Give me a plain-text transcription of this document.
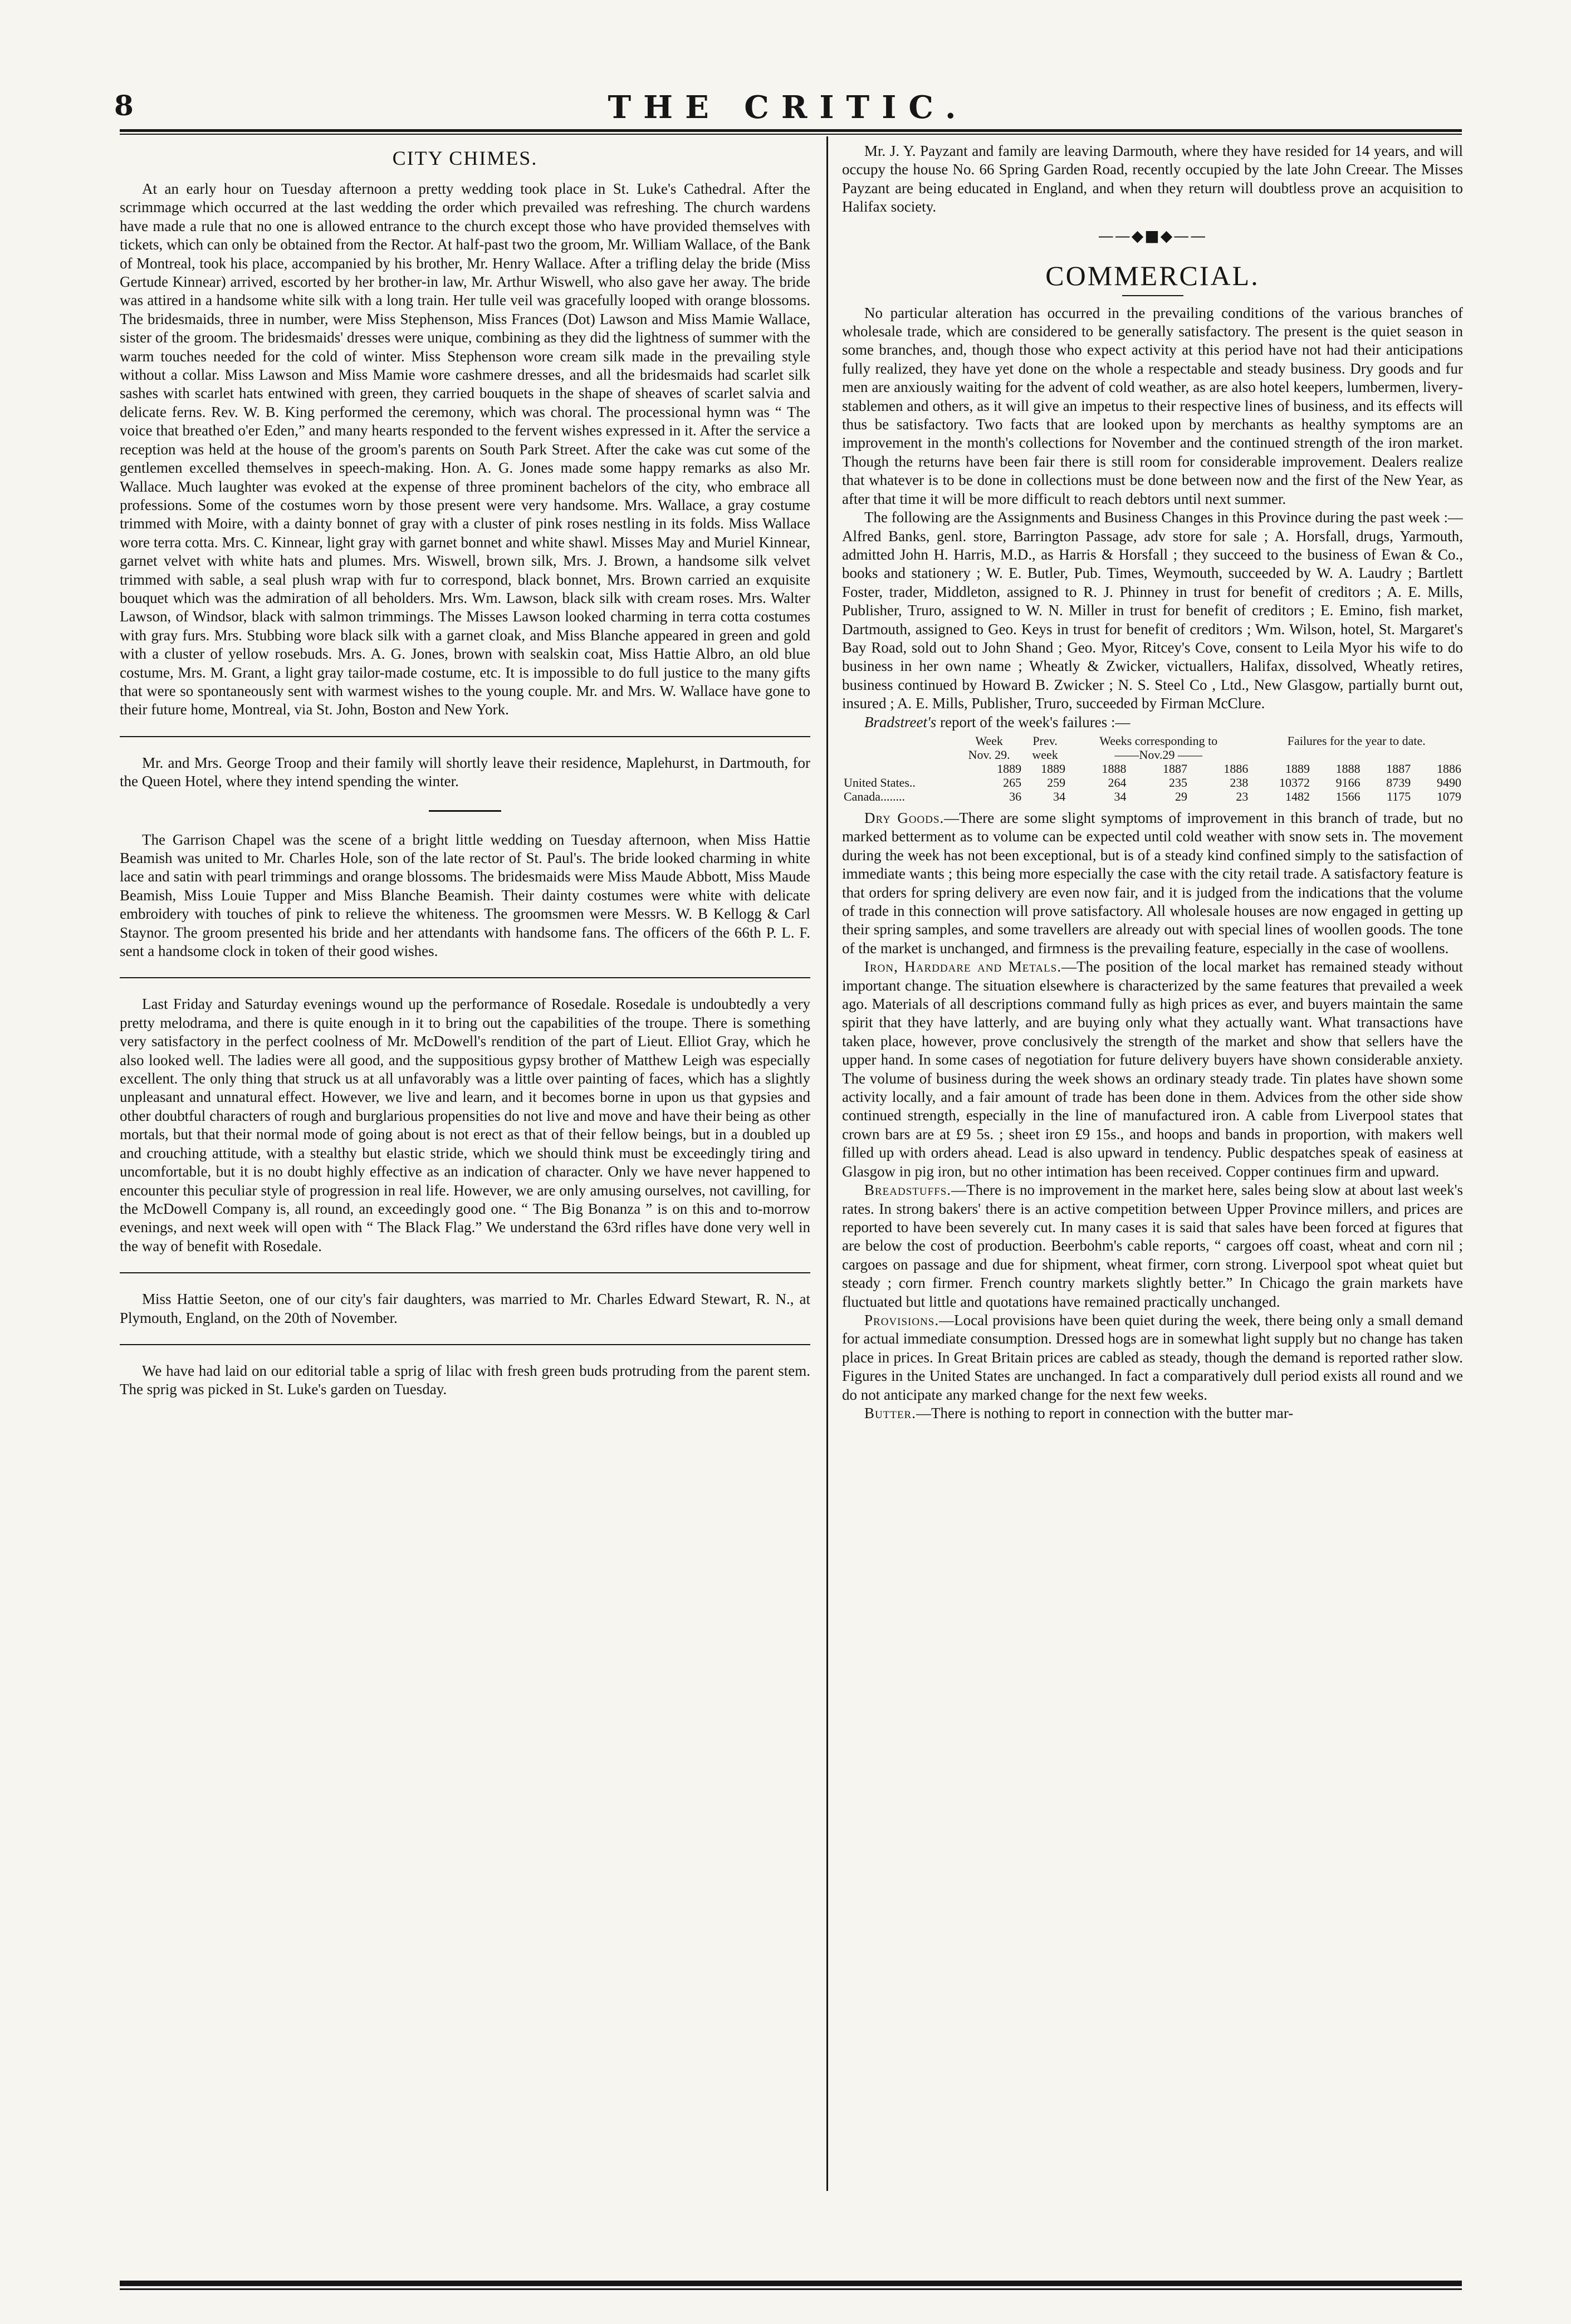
8	THE CRITIC.
CITY CHIMES.

At an early hour on Tuesday afternoon a pretty wedding took place in St. Luke's Cathedral. After the scrimmage which occurred at the last wedding the order which prevailed was refreshing. The church wardens have made a rule that no one is allowed entrance to the church except those who have provided themselves with tickets, which can only be obtained from the Rector. At half-past two the groom, Mr. William Wallace, of the Bank of Montreal, took his place, accompanied by his brother, Mr. Henry Wallace. After a trifling delay the bride (Miss Gertude Kinnear) arrived, escorted by her brother-in law, Mr. Arthur Wiswell, who also gave her away. The bride was attired in a handsome white silk with a long train. Her tulle veil was gracefully looped with orange blossoms. The bridesmaids, three in number, were Miss Stephenson, Miss Frances (Dot) Lawson and Miss Mamie Wallace, sister of the groom. The bridesmaids' dresses were unique, combining as they did the lightness of summer with the warm touches needed for the cold of winter. Miss Stephenson wore cream silk made in the prevailing style without a collar. Miss Lawson and Miss Mamie wore cashmere dresses, and all the bridesmaids had scarlet silk sashes with scarlet hats entwined with green, they carried bouquets in the shape of sheaves of scarlet salvia and delicate ferns. Rev. W. B. King performed the ceremony, which was choral. The processional hymn was “ The voice that breathed o'er Eden,” and many hearts responded to the fervent wishes expressed in it. After the service a reception was held at the house of the groom's parents on South Park Street. After the cake was cut some of the gentlemen excelled themselves in speech-making. Hon. A. G. Jones made some happy remarks as also Mr. Wallace. Much laughter was evoked at the expense of three prominent bachelors of the city, who embrace all professions. Some of the costumes worn by those present were very handsome. Mrs. Wallace, a gray costume trimmed with Moire, with a dainty bonnet of gray with a cluster of pink roses nestling in its folds. Miss Wallace wore terra cotta. Mrs. C. Kinnear, light gray with garnet bonnet and white shawl. Misses May and Muriel Kinnear, garnet velvet with white hats and plumes. Mrs. Wiswell, brown silk, Mrs. J. Brown, a handsome silk velvet trimmed with sable, a seal plush wrap with fur to correspond, black bonnet, Mrs. Brown carried an exquisite bouquet which was the admiration of all beholders. Mrs. Wm. Lawson, black silk with cream roses. Mrs. Walter Lawson, of Windsor, black with salmon trimmings. The Misses Lawson looked charming in terra cotta costumes with gray furs. Mrs. Stubbing wore black silk with a garnet cloak, and Miss Blanche appeared in green and gold with a cluster of yellow rosebuds. Mrs. A. G. Jones, brown with sealskin coat, Miss Hattie Albro, an old blue costume, Mrs. M. Grant, a light gray tailor-made costume, etc. It is impossible to do full justice to the many gifts that were so spontaneously sent with warmest wishes to the young couple. Mr. and Mrs. W. Wallace have gone to their future home, Montreal, via St. John, Boston and New York.

Mr. and Mrs. George Troop and their family will shortly leave their residence, Maplehurst, in Dartmouth, for the Queen Hotel, where they intend spending the winter.

The Garrison Chapel was the scene of a bright little wedding on Tuesday afternoon, when Miss Hattie Beamish was united to Mr. Charles Hole, son of the late rector of St. Paul's. The bride looked charming in white lace and satin with pearl trimmings and orange blossoms. The bridesmaids were Miss Maude Abbott, Miss Maude Beamish, Miss Louie Tupper and Miss Blanche Beamish. Their dainty costumes were white with delicate embroidery with touches of pink to relieve the whiteness. The groomsmen were Messrs. W. B Kellogg & Carl Staynor. The groom presented his bride and her attendants with handsome fans. The officers of the 66th P. L. F. sent a handsome clock in token of their good wishes.

Last Friday and Saturday evenings wound up the performance of Rosedale. Rosedale is undoubtedly a very pretty melodrama, and there is quite enough in it to bring out the capabilities of the troupe. There is something very satisfactory in the perfect coolness of Mr. McDowell's rendition of the part of Lieut. Elliot Gray, which he also looked well. The ladies were all good, and the suppositious gypsy brother of Matthew Leigh was especially excellent. The only thing that struck us at all unfavorably was a little over painting of faces, which has a slightly unpleasant and unnatural effect. However, we live and learn, and it becomes borne in upon us that gypsies and other doubtful characters of rough and burglarious propensities do not live and move and have their being as other mortals, but that their normal mode of going about is not erect as that of their fellow beings, but in a doubled up and crouching attitude, with a stealthy but elastic stride, which we should think must be exceedingly tiring and uncomfortable, but it is no doubt highly effective as an indication of character. Only we have never happened to encounter this peculiar style of progression in real life. However, we are only amusing ourselves, not cavilling, for the McDowell Company is, all round, an exceedingly good one. “ The Big Bonanza ” is on this and to-morrow evenings, and next week will open with “ The Black Flag.” We understand the 63rd rifles have done very well in the way of benefit with Rosedale.

Miss Hattie Seeton, one of our city's fair daughters, was married to Mr. Charles Edward Stewart, R. N., at Plymouth, England, on the 20th of November.

We have had laid on our editorial table a sprig of lilac with fresh green buds protruding from the parent stem. The sprig was picked in St. Luke's garden on Tuesday.

Mr. J. Y. Payzant and family are leaving Darmouth, where they have resided for 14 years, and will occupy the house No. 66 Spring Garden Road, recently occupied by the late John Creear. The Misses Payzant are being educated in England, and when they return will doubtless prove an acquisition to Halifax society.

——◆■◆——
COMMERCIAL.

No particular alteration has occurred in the prevailing conditions of the various branches of wholesale trade, which are considered to be generally satisfactory. The present is the quiet season in some branches, and, though those who expect activity at this period have not had their anticipations fully realized, they have yet done on the whole a respectable and steady business. Dry goods and fur men are anxiously waiting for the advent of cold weather, as are also hotel keepers, lumbermen, livery-stablemen and others, as it will give an impetus to their respective lines of business, and its effects will thus be satisfactory. Two facts that are looked upon by merchants as healthy symptoms are an improvement in the month's collections for November and the continued strength of the iron market. Though the returns have been fair there is still room for considerable improvement. Dealers realize that whatever is to be done in collections must be done between now and the first of the New Year, as after that time it will be more difficult to reach debtors until next summer.

The following are the Assignments and Business Changes in this Province during the past week :—Alfred Banks, genl. store, Barrington Passage, adv store for sale ; A. Horsfall, drugs, Yarmouth, admitted John H. Harris, M.D., as Harris & Horsfall ; they succeed to the business of Ewan & Co., books and stationery ; W. E. Butler, Pub. Times, Weymouth, succeeded by W. A. Laudry ; Bartlett Foster, trader, Middleton, assigned to R. J. Phinney in trust for benefit of creditors ; A. E. Mills, Publisher, Truro, assigned to W. N. Miller in trust for benefit of creditors ; E. Emino, fish market, Dartmouth, assigned to Geo. Keys in trust for benefit of creditors ; Wm. Wilson, hotel, St. Margaret's Bay Road, sold out to John Shand ; Geo. Myor, Ritcey's Cove, consent to Leila Myor his wife to do business in her own name ; Wheatly & Zwicker, victuallers, Halifax, dissolved, Wheatly retires, business continued by Howard B. Zwicker ; N. S. Steel Co , Ltd., New Glasgow, partially burnt out, insured ; A. E. Mills, Publisher, Truro, succeeded by Firman McClure.

Bradstreet's report of the week's failures :—

	Week	Prev.	Weeks corresponding to			Failures for the year to date.			
	Nov. 29.	week	——Nov.29 ——						
	1889	1889	1888	1887	1886	1889	1888	1887	1886
United States..	265	259	264	235	238	10372	9166	8739	9490
Canada........	36	34	34	29	23	1482	1566	1175	1079

Dry Goods.—There are some slight symptoms of improvement in this branch of trade, but no marked betterment as to volume can be expected until cold weather with snow sets in. The movement during the week has not been exceptional, but is of a steady kind confined simply to the satisfaction of immediate wants ; this being more especially the case with the city retail trade. A satisfactory feature is that orders for spring delivery are even now fair, and it is judged from the indications that the volume of trade in this connection will prove satisfactory. All wholesale houses are now engaged in getting up their spring samples, and some travellers are already out with special lines of woollen goods. The tone of the market is unchanged, and firmness is the prevailing feature, especially in the case of woollens.

Iron, Harddare and Metals.—The position of the local market has remained steady without important change. The situation elsewhere is characterized by the same features that prevailed a week ago. Materials of all descriptions command fully as high prices as ever, and buyers maintain the same spirit that they have latterly, and are buying only what they actually want. What transactions have taken place, however, prove conclusively the strength of the market and show that sellers have the upper hand. In some cases of negotiation for future delivery buyers have shown considerable anxiety. The volume of business during the week shows an ordinary steady trade. Tin plates have shown some activity locally, and a fair amount of trade has been done in them. Advices from the other side show continued strength, especially in the line of manufactured iron. A cable from Liverpool states that crown bars are at £9 5s. ; sheet iron £9 15s., and hoops and bands in proportion, with makers well filled up with orders ahead. Lead is also upward in tendency. Public despatches speak of easiness at Glasgow in pig iron, but no other intimation has been received. Copper continues firm and upward.

Breadstuffs.—There is no improvement in the market here, sales being slow at about last week's rates. In strong bakers' there is an active competition between Upper Province millers, and prices are reported to have been severely cut. In many cases it is said that sales have been forced at figures that are below the cost of production. Beerbohm's cable reports, “ cargoes off coast, wheat and corn nil ; cargoes on passage and due for shipment, wheat firmer, corn strong. Liverpool spot wheat quiet but steady ; corn firmer. French country markets slightly better.” In Chicago the grain markets have fluctuated but little and quotations have remained practically unchanged.

Provisions.—Local provisions have been quiet during the week, there being only a small demand for actual immediate consumption. Dressed hogs are in somewhat light supply but no change has taken place in prices. In Great Britain prices are cabled as steady, though the demand is reported rather slow. Figures in the United States are unchanged. In fact a comparatively dull period exists all round and we do not anticipate any marked change for the next few weeks.

Butter.—There is nothing to report in connection with the butter mar-
